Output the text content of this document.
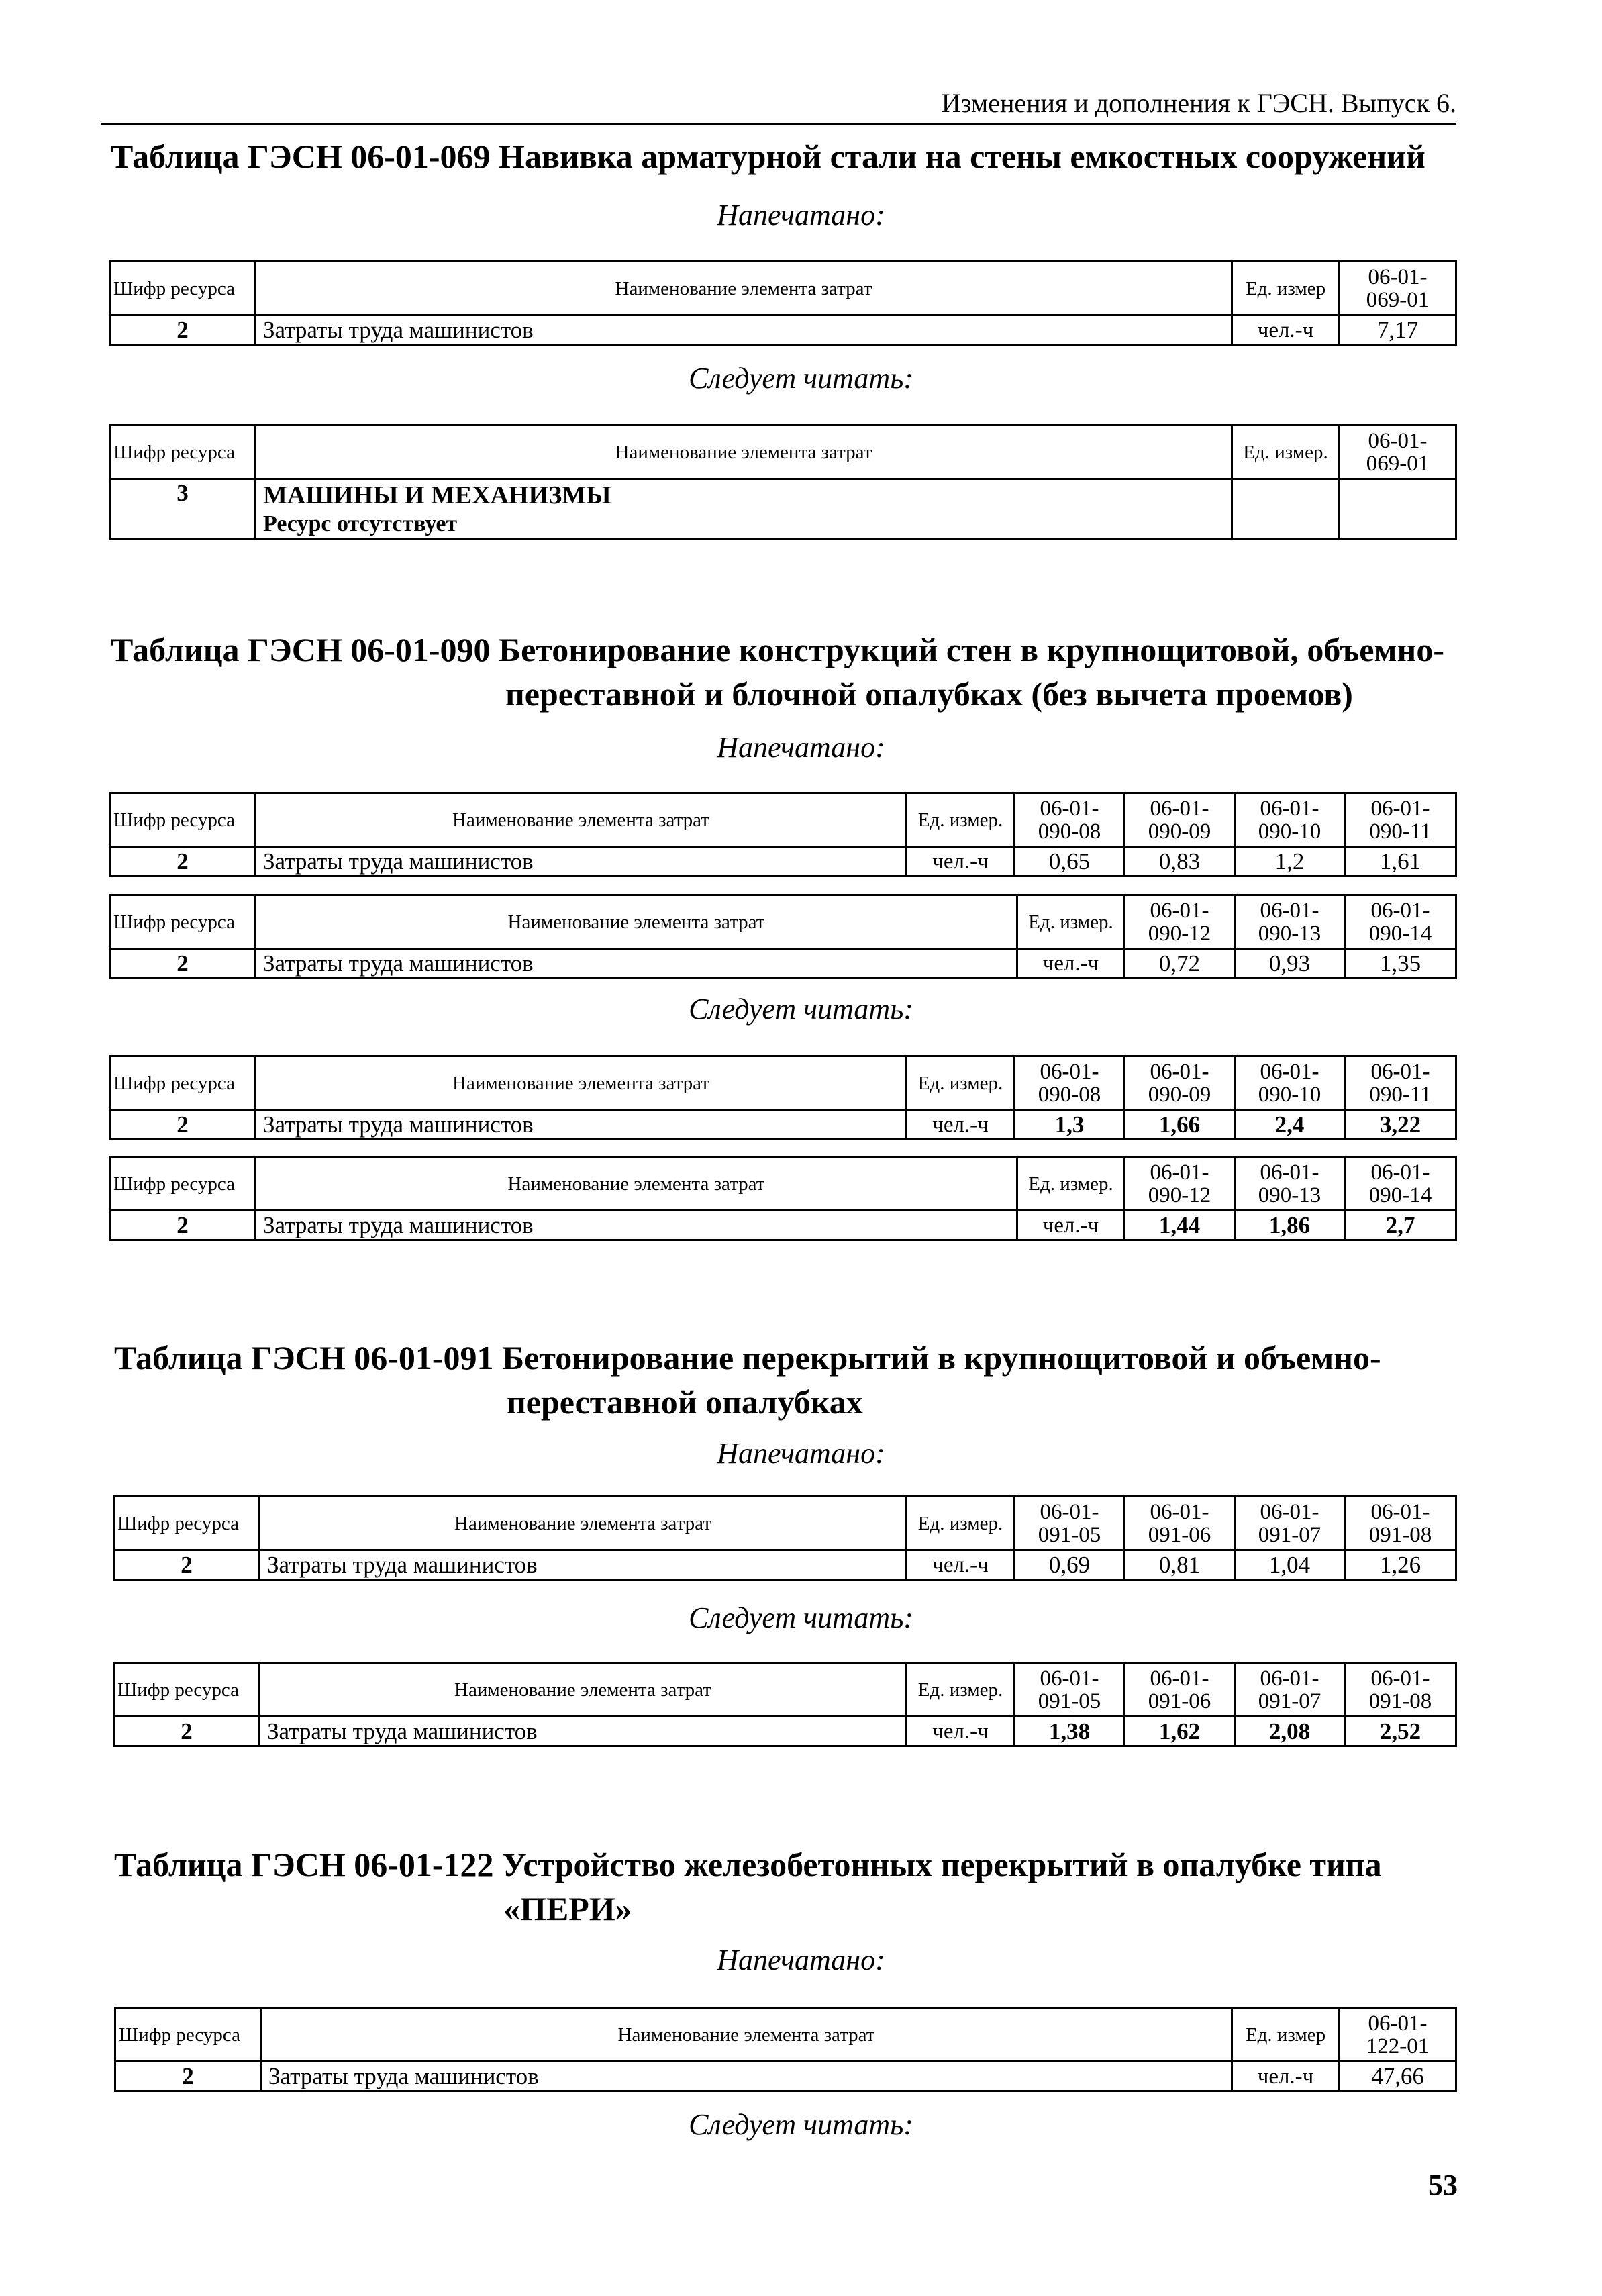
Изменения и дополнения к ГЭСН. Выпуск 6.
Таблица ГЭСН 06-01-069 Навивка арматурной стали на стены емкостных сооружений
Напечатано:
Шифр ресурса	Наименование элемента затрат	Ед. измер	06-01-
069-01
2	Затраты труда машинистов	чел.-ч	7,17
Следует читать:
Шифр ресурса	Наименование элемента затрат	Ед. измер.	06-01-
069-01
3	МАШИНЫ И МЕХАНИЗМЫ
Ресурс отсутствует		

Таблица ГЭСН 06-01-090 Бетонирование конструкций стен в крупнощитовой, объемно-
переставной и блочной опалубках (без вычета проемов)
Напечатано:
Шифр ресурса	Наименование элемента затрат	Ед. измер.	06-01-
090-08	06-01-
090-09	06-01-
090-10	06-01-
090-11
2	Затраты труда машинистов	чел.-ч	0,65	0,83	1,2	1,61
Шифр ресурса	Наименование элемента затрат	Ед. измер.	06-01-
090-12	06-01-
090-13	06-01-
090-14
2	Затраты труда машинистов	чел.-ч	0,72	0,93	1,35
Следует читать:
Шифр ресурса	Наименование элемента затрат	Ед. измер.	06-01-
090-08	06-01-
090-09	06-01-
090-10	06-01-
090-11
2	Затраты труда машинистов	чел.-ч	1,3	1,66	2,4	3,22
Шифр ресурса	Наименование элемента затрат	Ед. измер.	06-01-
090-12	06-01-
090-13	06-01-
090-14
2	Затраты труда машинистов	чел.-ч	1,44	1,86	2,7
Таблица ГЭСН 06-01-091 Бетонирование перекрытий в крупнощитовой и объемно-
переставной опалубках
Напечатано:
Шифр ресурса	Наименование элемента затрат	Ед. измер.	06-01-
091-05	06-01-
091-06	06-01-
091-07	06-01-
091-08
2	Затраты труда машинистов	чел.-ч	0,69	0,81	1,04	1,26
Следует читать:
Шифр ресурса	Наименование элемента затрат	Ед. измер.	06-01-
091-05	06-01-
091-06	06-01-
091-07	06-01-
091-08
2	Затраты труда машинистов	чел.-ч	1,38	1,62	2,08	2,52
Таблица ГЭСН 06-01-122 Устройство железобетонных перекрытий в опалубке типа
«ПЕРИ»
Напечатано:
Шифр ресурса	Наименование элемента затрат	Ед. измер	06-01-
122-01
2	Затраты труда машинистов	чел.-ч	47,66
Следует читать:
53
